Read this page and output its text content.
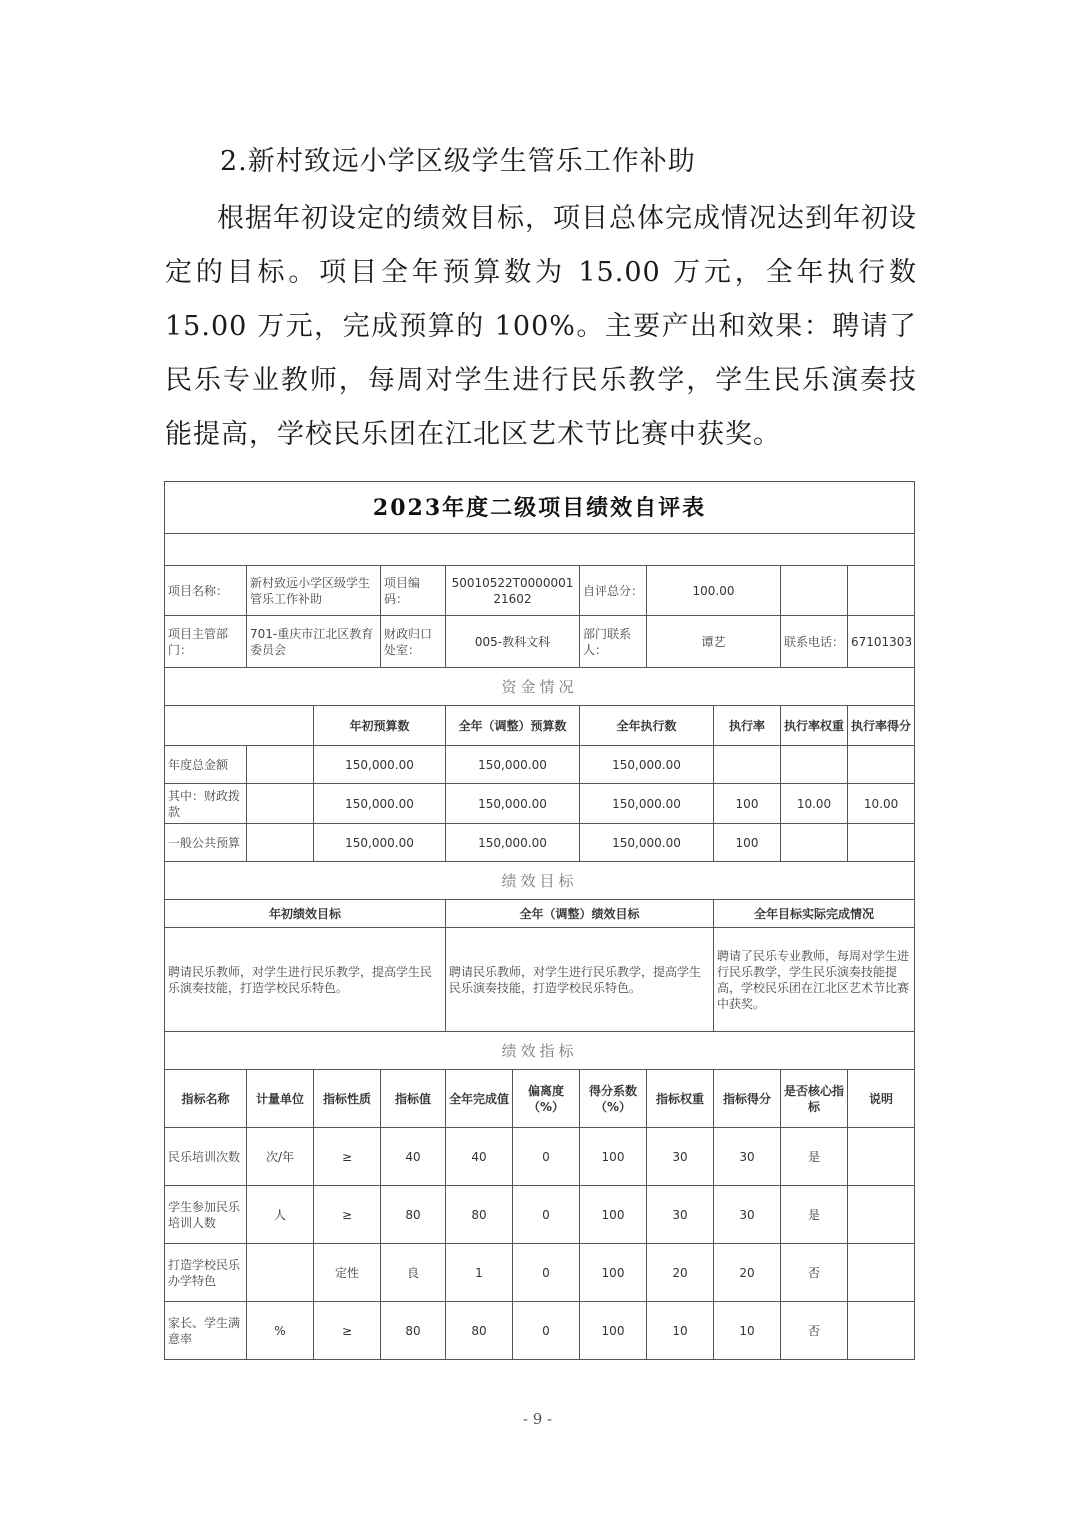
2.新村致远小学区级学生管乐工作补助
根据年初设定的绩效目标，项目总体完成情况达到年初设定的目标。项目全年预算数为 15.00 万元，全年执行数 15.00 万元，完成预算的 100%。主要产出和效果：聘请了民乐专业教师，每周对学生进行民乐教学，学生民乐演奏技能提高，学校民乐团在江北区艺术节比赛中获奖。
2023年度二级项目绩效自评表										

项目名称：	新村致远小学区级学生管乐工作补助		项目编码：	50010522T000000121602		自评总分：	100.00			
项目主管部门：	701-重庆市江北区教育委员会		财政归口处室：	005-教科文科		部门联系人：	谭艺		联系电话：	67101303
资金情况										
		年初预算数		全年（调整）预算数		全年执行数		执行率	执行率权重	执行率得分
年度总金额		150,000.00		150,000.00		150,000.00				
其中：财政拨款		150,000.00		150,000.00		150,000.00		100	10.00	10.00
一般公共预算		150,000.00		150,000.00		150,000.00		100		
绩效目标										
年初绩效目标				全年（调整）绩效目标				全年目标实际完成情况		
聘请民乐教师，对学生进行民乐教学，提高学生民乐演奏技能，打造学校民乐特色。				聘请民乐教师，对学生进行民乐教学，提高学生民乐演奏技能，打造学校民乐特色。				聘请了民乐专业教师，每周对学生进行民乐教学，学生民乐演奏技能提高，学校民乐团在江北区艺术节比赛中获奖。		
绩效指标										
指标名称	计量单位	指标性质	指标值	全年完成值	偏离度（%）	得分系数（%）	指标权重	指标得分	是否核心指标	说明
民乐培训次数	次/年	≥	40	40	0	100	30	30	是	
学生参加民乐培训人数	人	≥	80	80	0	100	30	30	是	
打造学校民乐办学特色		定性	良	1	0	100	20	20	否	
家长、学生满意率	%	≥	80	80	0	100	10	10	否	
- 9 -
